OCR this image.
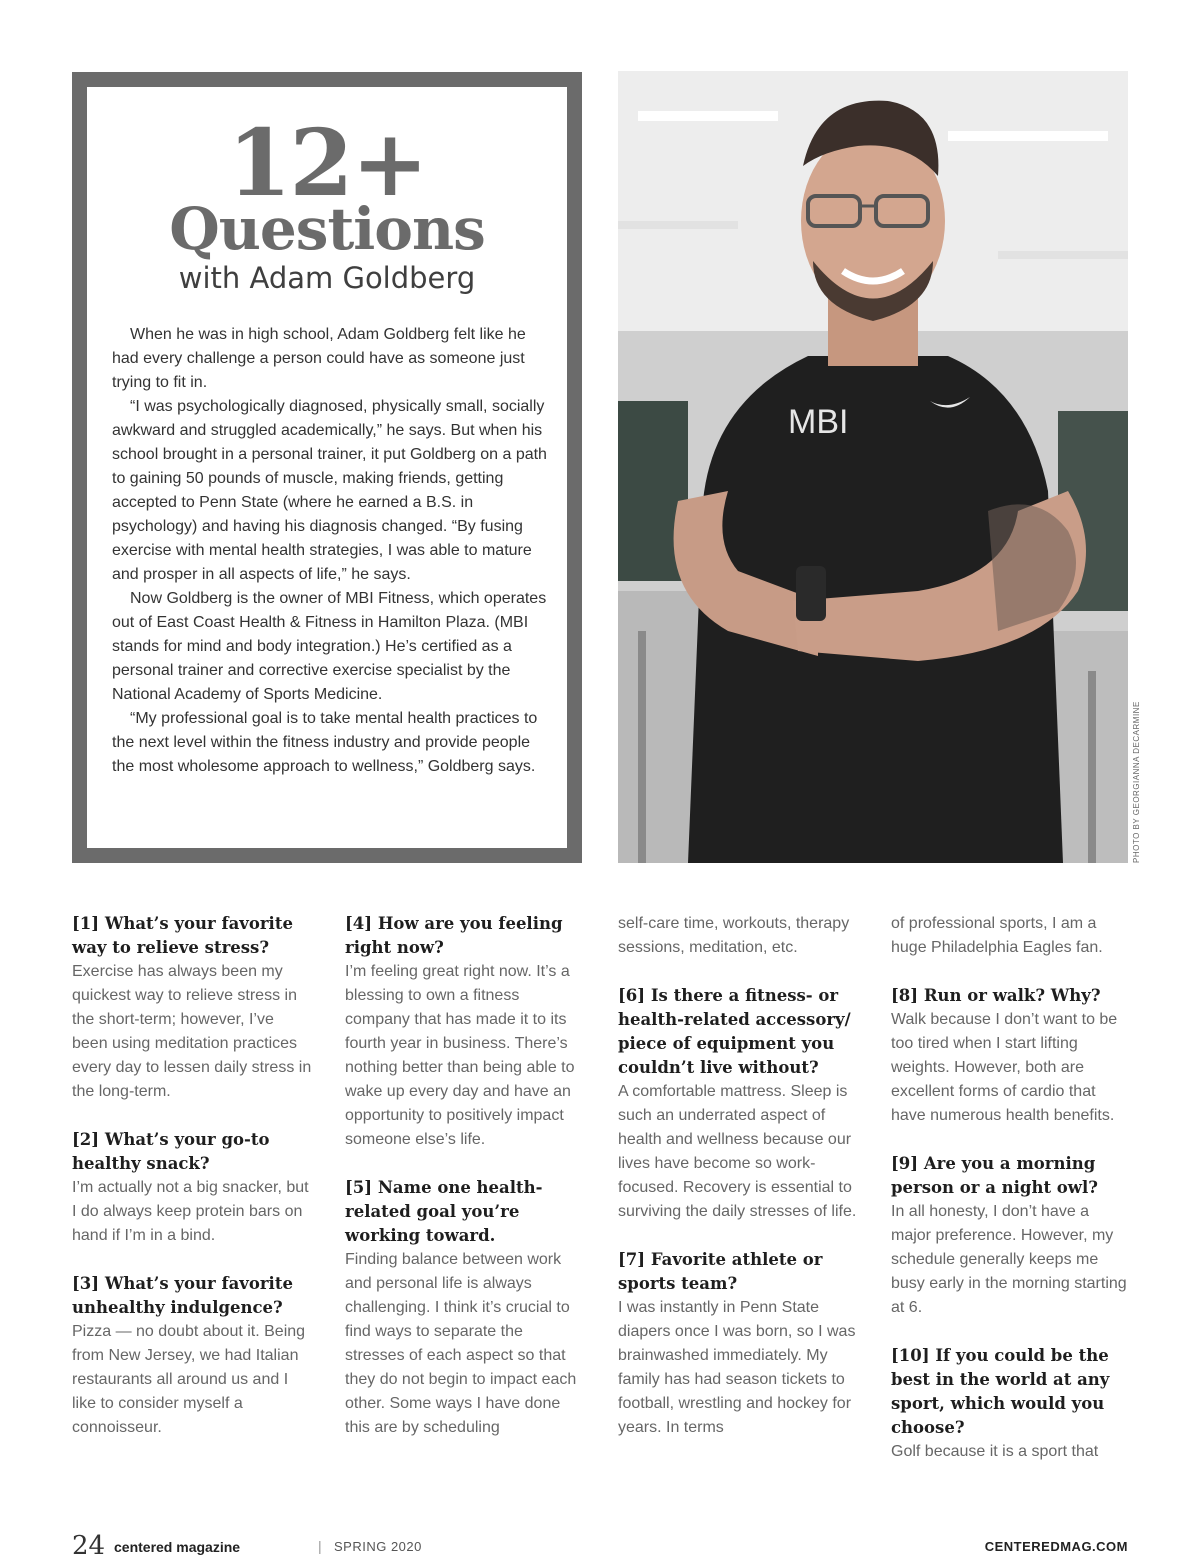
12+
Questions
with Adam Goldberg

When he was in high school, Adam Goldberg felt like he had every challenge a person could have as someone just trying to fit in.

“I was psychologically diagnosed, physically small, socially awkward and struggled academically,” he says. But when his school brought in a personal trainer, it put Goldberg on a path to gaining 50 pounds of muscle, making friends, getting accepted to Penn State (where he earned a B.S. in psychology) and having his diagnosis changed. “By fusing exercise with mental health strategies, I was able to mature and prosper in all aspects of life,” he says.

Now Goldberg is the owner of MBI Fitness, which operates out of East Coast Health & Fitness in Hamilton Plaza. (MBI stands for mind and body integration.) He’s certified as a personal trainer and corrective exercise specialist by the National Academy of Sports Medicine.

“My professional goal is to take mental health practices to the next level within the fitness industry and provide people the most wholesome approach to wellness,” Goldberg says.

MBI
PHOTO BY GEORGIANNA DECARMINE
[1] What’s your favorite way to relieve stress?
Exercise has always been my quickest way to relieve stress in the short-term; however, I’ve been using meditation practices every day to lessen daily stress in the long-term.
[2] What’s your go-to healthy snack?
I’m actually not a big snacker, but I do always keep protein bars on hand if I’m in a bind.
[3] What’s your favorite unhealthy indulgence?
Pizza — no doubt about it. Being from New Jersey, we had Italian restaurants all around us and I like to consider myself a connoisseur.
[4] How are you feeling right now?
I’m feeling great right now. It’s a blessing to own a fitness company that has made it to its fourth year in business. There’s nothing better than being able to wake up every day and have an opportunity to positively impact someone else’s life.
[5] Name one health-related goal you’re working toward.
Finding balance between work and personal life is always challenging. I think it’s crucial to find ways to separate the stresses of each aspect so that they do not begin to impact each other. Some ways I have done this are by scheduling
self-care time, workouts, therapy sessions, meditation, etc.
[6] Is there a fitness- or health-related accessory/ piece of equipment you couldn’t live without?
A comfortable mattress. Sleep is such an underrated aspect of health and wellness because our lives have become so work-focused. Recovery is essential to surviving the daily stresses of life.
[7] Favorite athlete or sports team?
I was instantly in Penn State diapers once I was born, so I was brainwashed immediately. My family has had season tickets to football, wrestling and hockey for years. In terms
of professional sports, I am a huge Philadelphia Eagles fan.
[8] Run or walk? Why?
Walk because I don’t want to be too tired when I start lifting weights. However, both are excellent forms of cardio that have numerous health benefits.
[9] Are you a morning person or a night owl?
In all honesty, I don’t have a major preference. However, my schedule generally keeps me busy early in the morning starting at 6.
[10] If you could be the best in the world at any sport, which would you choose?
Golf because it is a sport that
24 centered magazine	| SPRING 2020	CENTEREDMAG.COM
